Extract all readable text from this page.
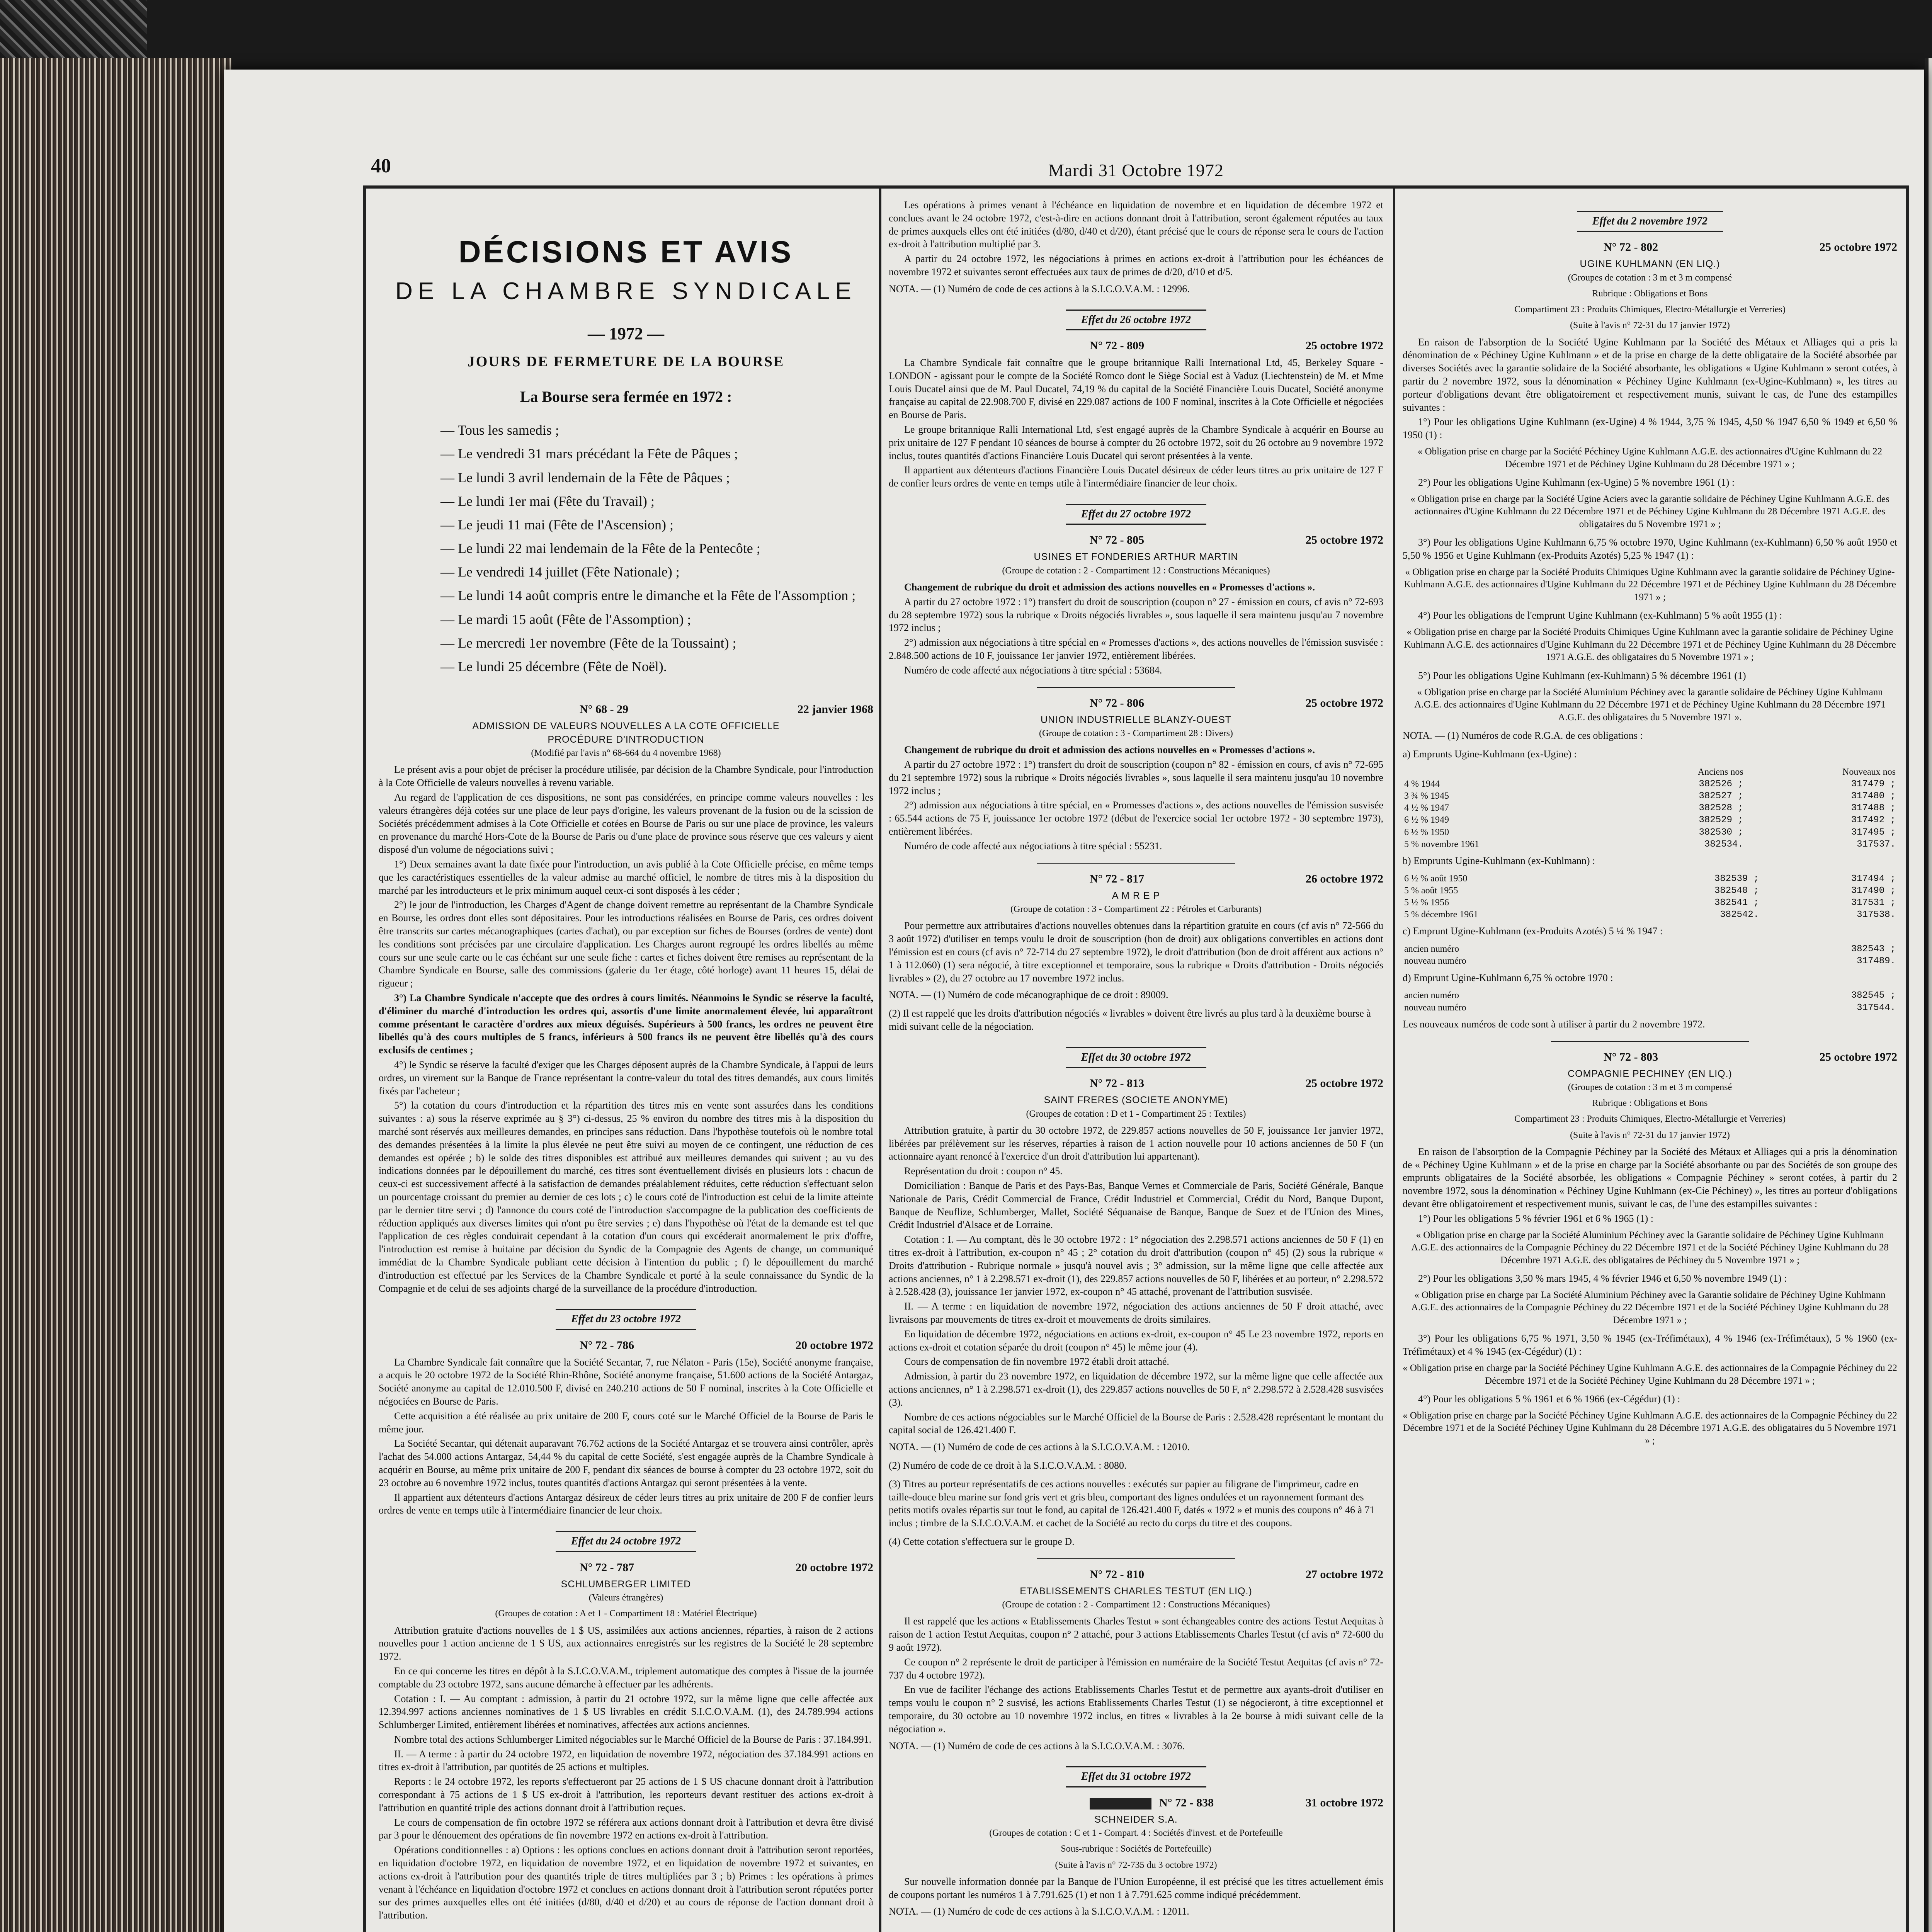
40	Mardi 31 Octobre 1972
DÉCISIONS ET AVIS
DE LA CHAMBRE SYNDICALE
— 1972 —
JOURS DE FERMETURE DE LA BOURSE
La Bourse sera fermée en 1972 :
— Tous les samedis ;
— Le vendredi 31 mars précédant la Fête de Pâques ;
— Le lundi 3 avril lendemain de la Fête de Pâques ;
— Le lundi 1er mai (Fête du Travail) ;
— Le jeudi 11 mai (Fête de l'Ascension) ;
— Le lundi 22 mai lendemain de la Fête de la Pentecôte ;
— Le vendredi 14 juillet (Fête Nationale) ;
— Le lundi 14 août compris entre le dimanche et la Fête de l'Assomption ;
— Le mardi 15 août (Fête de l'Assomption) ;
— Le mercredi 1er novembre (Fête de la Toussaint) ;
— Le lundi 25 décembre (Fête de Noël).
N° 68 - 29	22 janvier 1968
ADMISSION DE VALEURS NOUVELLES A LA COTE OFFICIELLE
PROCÉDURE D'INTRODUCTION
(Modifié par l'avis n° 68-664 du 4 novembre 1968)

Le présent avis a pour objet de préciser la procédure utilisée, par décision de la Chambre Syndicale, pour l'introduction à la Cote Officielle de valeurs nouvelles à revenu variable.

Au regard de l'application de ces dispositions, ne sont pas considérées, en principe comme valeurs nouvelles : les valeurs étrangères déjà cotées sur une place de leur pays d'origine, les valeurs provenant de la fusion ou de la scission de Sociétés précédemment admises à la Cote Officielle et cotées en Bourse de Paris ou sur une place de province, les valeurs en provenance du marché Hors-Cote de la Bourse de Paris ou d'une place de province sous réserve que ces valeurs y aient disposé d'un volume de négociations suivi ;

1°) Deux semaines avant la date fixée pour l'introduction, un avis publié à la Cote Officielle précise, en même temps que les caractéristiques essentielles de la valeur admise au marché officiel, le nombre de titres mis à la disposition du marché par les introducteurs et le prix minimum auquel ceux-ci sont disposés à les céder ;

2°) le jour de l'introduction, les Charges d'Agent de change doivent remettre au représentant de la Chambre Syndicale en Bourse, les ordres dont elles sont dépositaires. Pour les introductions réalisées en Bourse de Paris, ces ordres doivent être transcrits sur cartes mécanographiques (cartes d'achat), ou par exception sur fiches de Bourses (ordres de vente) dont les conditions sont précisées par une circulaire d'application. Les Charges auront regroupé les ordres libellés au même cours sur une seule carte ou le cas échéant sur une seule fiche : cartes et fiches doivent être remises au représentant de la Chambre Syndicale en Bourse, salle des commissions (galerie du 1er étage, côté horloge) avant 11 heures 15, délai de rigueur ;

3°) La Chambre Syndicale n'accepte que des ordres à cours limités. Néanmoins le Syndic se réserve la faculté, d'éliminer du marché d'introduction les ordres qui, assortis d'une limite anormalement élevée, lui apparaîtront comme présentant le caractère d'ordres aux mieux déguisés. Supérieurs à 500 francs, les ordres ne peuvent être libellés qu'à des cours multiples de 5 francs, inférieurs à 500 francs ils ne peuvent être libellés qu'à des cours exclusifs de centimes ;

4°) le Syndic se réserve la faculté d'exiger que les Charges déposent auprès de la Chambre Syndicale, à l'appui de leurs ordres, un virement sur la Banque de France représentant la contre-valeur du total des titres demandés, aux cours limités fixés par l'acheteur ;

5°) la cotation du cours d'introduction et la répartition des titres mis en vente sont assurées dans les conditions suivantes : a) sous la réserve exprimée au § 3°) ci-dessus, 25 % environ du nombre des titres mis à la disposition du marché sont réservés aux meilleures demandes, en principes sans réduction. Dans l'hypothèse toutefois où le nombre total des demandes présentées à la limite la plus élevée ne peut être suivi au moyen de ce contingent, une réduction de ces demandes est opérée ; b) le solde des titres disponibles est attribué aux meilleures demandes qui suivent ; au vu des indications données par le dépouillement du marché, ces titres sont éventuellement divisés en plusieurs lots : chacun de ceux-ci est successivement affecté à la satisfaction de demandes préalablement réduites, cette réduction s'effectuant selon un pourcentage croissant du premier au dernier de ces lots ; c) le cours coté de l'introduction est celui de la limite atteinte par le dernier titre servi ; d) l'annonce du cours coté de l'introduction s'accompagne de la publication des coefficients de réduction appliqués aux diverses limites qui n'ont pu être servies ; e) dans l'hypothèse où l'état de la demande est tel que l'application de ces règles conduirait cependant à la cotation d'un cours qui excéderait anormalement le prix d'offre, l'introduction est remise à huitaine par décision du Syndic de la Compagnie des Agents de change, un communiqué immédiat de la Chambre Syndicale publiant cette décision à l'intention du public ; f) le dépouillement du marché d'introduction est effectué par les Services de la Chambre Syndicale et porté à la seule connaissance du Syndic de la Compagnie et de celui de ses adjoints chargé de la surveillance de la procédure d'introduction.

Effet du 23 octobre 1972
N° 72 - 786	20 octobre 1972

La Chambre Syndicale fait connaître que la Société Secantar, 7, rue Nélaton - Paris (15e), Société anonyme française, a acquis le 20 octobre 1972 de la Société Rhin-Rhône, Société anonyme française, 51.600 actions de la Société Antargaz, Société anonyme au capital de 12.010.500 F, divisé en 240.210 actions de 50 F nominal, inscrites à la Cote Officielle et négociées en Bourse de Paris.

Cette acquisition a été réalisée au prix unitaire de 200 F, cours coté sur le Marché Officiel de la Bourse de Paris le même jour.

La Société Secantar, qui détenait auparavant 76.762 actions de la Société Antargaz et se trouvera ainsi contrôler, après l'achat des 54.000 actions Antargaz, 54,44 % du capital de cette Société, s'est engagée auprès de la Chambre Syndicale à acquérir en Bourse, au même prix unitaire de 200 F, pendant dix séances de bourse à compter du 23 octobre 1972, soit du 23 octobre au 6 novembre 1972 inclus, toutes quantités d'actions Antargaz qui seront présentées à la vente.

Il appartient aux détenteurs d'actions Antargaz désireux de céder leurs titres au prix unitaire de 200 F de confier leurs ordres de vente en temps utile à l'intermédiaire financier de leur choix.

Effet du 24 octobre 1972
N° 72 - 787	20 octobre 1972
SCHLUMBERGER LIMITED
(Valeurs étrangères)
(Groupes de cotation : A et 1 - Compartiment 18 : Matériel Électrique)

Attribution gratuite d'actions nouvelles de 1 $ US, assimilées aux actions anciennes, réparties, à raison de 2 actions nouvelles pour 1 action ancienne de 1 $ US, aux actionnaires enregistrés sur les registres de la Société le 28 septembre 1972.

En ce qui concerne les titres en dépôt à la S.I.C.O.V.A.M., triplement automatique des comptes à l'issue de la journée comptable du 23 octobre 1972, sans aucune démarche à effectuer par les adhérents.

Cotation : I. — Au comptant : admission, à partir du 21 octobre 1972, sur la même ligne que celle affectée aux 12.394.997 actions anciennes nominatives de 1 $ US livrables en crédit S.I.C.O.V.A.M. (1), des 24.789.994 actions Schlumberger Limited, entièrement libérées et nominatives, affectées aux actions anciennes.

Nombre total des actions Schlumberger Limited négociables sur le Marché Officiel de la Bourse de Paris : 37.184.991.

II. — A terme : à partir du 24 octobre 1972, en liquidation de novembre 1972, négociation des 37.184.991 actions en titres ex-droit à l'attribution, par quotités de 25 actions et multiples.

Reports : le 24 octobre 1972, les reports s'effectueront par 25 actions de 1 $ US chacune donnant droit à l'attribution correspondant à 75 actions de 1 $ US ex-droit à l'attribution, les reporteurs devant restituer des actions ex-droit à l'attribution en quantité triple des actions donnant droit à l'attribution reçues.

Le cours de compensation de fin octobre 1972 se référera aux actions donnant droit à l'attribution et devra être divisé par 3 pour le dénouement des opérations de fin novembre 1972 en actions ex-droit à l'attribution.

Opérations conditionnelles : a) Options : les options conclues en actions donnant droit à l'attribution seront reportées, en liquidation d'octobre 1972, en liquidation de novembre 1972, et en liquidation de novembre 1972 et suivantes, en actions ex-droit à l'attribution pour des quantités triple de titres multipliées par 3 ; b) Primes : les opérations à primes venant à l'échéance en liquidation d'octobre 1972 et conclues en actions donnant droit à l'attribution seront réputées porter sur des primes auxquelles elles ont été initiées (d/80, d/40 et d/20) et au cours de réponse de l'action donnant droit à l'attribution.

Les opérations à primes venant à l'échéance en liquidation de novembre et en liquidation de décembre 1972 et conclues avant le 24 octobre 1972, c'est-à-dire en actions donnant droit à l'attribution, seront également réputées au taux de primes auxquels elles ont été initiées (d/80, d/40 et d/20), étant précisé que le cours de réponse sera le cours de l'action ex-droit à l'attribution multiplié par 3.

A partir du 24 octobre 1972, les négociations à primes en actions ex-droit à l'attribution pour les échéances de novembre 1972 et suivantes seront effectuées aux taux de primes de d/20, d/10 et d/5.

NOTA. — (1) Numéro de code de ces actions à la S.I.C.O.V.A.M. : 12996.

Effet du 26 octobre 1972
N° 72 - 809	25 octobre 1972

La Chambre Syndicale fait connaître que le groupe britannique Ralli International Ltd, 45, Berkeley Square - LONDON - agissant pour le compte de la Société Romco dont le Siège Social est à Vaduz (Liechtenstein) de M. et Mme Louis Ducatel ainsi que de M. Paul Ducatel, 74,19 % du capital de la Société Financière Louis Ducatel, Société anonyme française au capital de 22.908.700 F, divisé en 229.087 actions de 100 F nominal, inscrites à la Cote Officielle et négociées en Bourse de Paris.

Le groupe britannique Ralli International Ltd, s'est engagé auprès de la Chambre Syndicale à acquérir en Bourse au prix unitaire de 127 F pendant 10 séances de bourse à compter du 26 octobre 1972, soit du 26 octobre au 9 novembre 1972 inclus, toutes quantités d'actions Financière Louis Ducatel qui seront présentées à la vente.

Il appartient aux détenteurs d'actions Financière Louis Ducatel désireux de céder leurs titres au prix unitaire de 127 F de confier leurs ordres de vente en temps utile à l'intermédiaire financier de leur choix.

Effet du 27 octobre 1972
N° 72 - 805	25 octobre 1972
USINES ET FONDERIES ARTHUR MARTIN
(Groupe de cotation : 2 - Compartiment 12 : Constructions Mécaniques)

Changement de rubrique du droit et admission des actions nouvelles en « Promesses d'actions ».

A partir du 27 octobre 1972 : 1°) transfert du droit de souscription (coupon n° 27 - émission en cours, cf avis n° 72-693 du 28 septembre 1972) sous la rubrique « Droits négociés livrables », sous laquelle il sera maintenu jusqu'au 7 novembre 1972 inclus ;

2°) admission aux négociations à titre spécial en « Promesses d'actions », des actions nouvelles de l'émission susvisée : 2.848.500 actions de 10 F, jouissance 1er janvier 1972, entièrement libérées.

Numéro de code affecté aux négociations à titre spécial : 53684.

N° 72 - 806	25 octobre 1972
UNION INDUSTRIELLE BLANZY-OUEST
(Groupe de cotation : 3 - Compartiment 28 : Divers)

Changement de rubrique du droit et admission des actions nouvelles en « Promesses d'actions ».

A partir du 27 octobre 1972 : 1°) transfert du droit de souscription (coupon n° 82 - émission en cours, cf avis n° 72-695 du 21 septembre 1972) sous la rubrique « Droits négociés livrables », sous laquelle il sera maintenu jusqu'au 10 novembre 1972 inclus ;

2°) admission aux négociations à titre spécial, en « Promesses d'actions », des actions nouvelles de l'émission susvisée : 65.544 actions de 75 F, jouissance 1er octobre 1972 (début de l'exercice social 1er octobre 1972 - 30 septembre 1973), entièrement libérées.

Numéro de code affecté aux négociations à titre spécial : 55231.

N° 72 - 817	26 octobre 1972
A M R E P
(Groupe de cotation : 3 - Compartiment 22 : Pétroles et Carburants)

Pour permettre aux attributaires d'actions nouvelles obtenues dans la répartition gratuite en cours (cf avis n° 72-566 du 3 août 1972) d'utiliser en temps voulu le droit de souscription (bon de droit) aux obligations convertibles en actions dont l'émission est en cours (cf avis n° 72-714 du 27 septembre 1972), le droit d'attribution (bon de droit afférent aux actions n° 1 à 112.060) (1) sera négocié, à titre exceptionnel et temporaire, sous la rubrique « Droits d'attribution - Droits négociés livrables » (2), du 27 octobre au 17 novembre 1972 inclus.

NOTA. — (1) Numéro de code mécanographique de ce droit : 89009.

(2) Il est rappelé que les droits d'attribution négociés « livrables » doivent être livrés au plus tard à la deuxième bourse à midi suivant celle de la négociation.

Effet du 30 octobre 1972
N° 72 - 813	25 octobre 1972
SAINT FRERES (SOCIETE ANONYME)
(Groupes de cotation : D et 1 - Compartiment 25 : Textiles)

Attribution gratuite, à partir du 30 octobre 1972, de 229.857 actions nouvelles de 50 F, jouissance 1er janvier 1972, libérées par prélèvement sur les réserves, réparties à raison de 1 action nouvelle pour 10 actions anciennes de 50 F (un actionnaire ayant renoncé à l'exercice d'un droit d'attribution lui appartenant).

Représentation du droit : coupon n° 45.

Domiciliation : Banque de Paris et des Pays-Bas, Banque Vernes et Commerciale de Paris, Société Générale, Banque Nationale de Paris, Crédit Commercial de France, Crédit Industriel et Commercial, Crédit du Nord, Banque Dupont, Banque de Neuflize, Schlumberger, Mallet, Société Séquanaise de Banque, Banque de Suez et de l'Union des Mines, Crédit Industriel d'Alsace et de Lorraine.

Cotation : I. — Au comptant, dès le 30 octobre 1972 : 1° négociation des 2.298.571 actions anciennes de 50 F (1) en titres ex-droit à l'attribution, ex-coupon n° 45 ; 2° cotation du droit d'attribution (coupon n° 45) (2) sous la rubrique « Droits d'attribution - Rubrique normale » jusqu'à nouvel avis ; 3° admission, sur la même ligne que celle affectée aux actions anciennes, n° 1 à 2.298.571 ex-droit (1), des 229.857 actions nouvelles de 50 F, libérées et au porteur, n° 2.298.572 à 2.528.428 (3), jouissance 1er janvier 1972, ex-coupon n° 45 attaché, provenant de l'attribution susvisée.

II. — A terme : en liquidation de novembre 1972, négociation des actions anciennes de 50 F droit attaché, avec livraisons par mouvements de titres ex-droit et mouvements de droits similaires.

En liquidation de décembre 1972, négociations en actions ex-droit, ex-coupon n° 45 Le 23 novembre 1972, reports en actions ex-droit et cotation séparée du droit (coupon n° 45) le même jour (4).

Cours de compensation de fin novembre 1972 établi droit attaché.

Admission, à partir du 23 novembre 1972, en liquidation de décembre 1972, sur la même ligne que celle affectée aux actions anciennes, n° 1 à 2.298.571 ex-droit (1), des 229.857 actions nouvelles de 50 F, n° 2.298.572 à 2.528.428 susvisées (3).

Nombre de ces actions négociables sur le Marché Officiel de la Bourse de Paris : 2.528.428 représentant le montant du capital social de 126.421.400 F.

NOTA. — (1) Numéro de code de ces actions à la S.I.C.O.V.A.M. : 12010.

(2) Numéro de code de ce droit à la S.I.C.O.V.A.M. : 8080.

(3) Titres au porteur représentatifs de ces actions nouvelles : exécutés sur papier au filigrane de l'imprimeur, cadre en taille-douce bleu marine sur fond gris vert et gris bleu, comportant des lignes ondulées et un rayonnement formant des petits motifs ovales répartis sur tout le fond, au capital de 126.421.400 F, datés « 1972 » et munis des coupons n° 46 à 71 inclus ; timbre de la S.I.C.O.V.A.M. et cachet de la Société au recto du corps du titre et des coupons.

(4) Cette cotation s'effectuera sur le groupe D.

N° 72 - 810	27 octobre 1972
ETABLISSEMENTS CHARLES TESTUT (EN LIQ.)
(Groupe de cotation : 2 - Compartiment 12 : Constructions Mécaniques)

Il est rappelé que les actions « Etablissements Charles Testut » sont échangeables contre des actions Testut Aequitas à raison de 1 action Testut Aequitas, coupon n° 2 attaché, pour 3 actions Etablissements Charles Testut (cf avis n° 72-600 du 9 août 1972).

Ce coupon n° 2 représente le droit de participer à l'émission en numéraire de la Société Testut Aequitas (cf avis n° 72-737 du 4 octobre 1972).

En vue de faciliter l'échange des actions Etablissements Charles Testut et de permettre aux ayants-droit d'utiliser en temps voulu le coupon n° 2 susvisé, les actions Etablissements Charles Testut (1) se négocieront, à titre exceptionnel et temporaire, du 30 octobre au 10 novembre 1972 inclus, en titres « livrables à la 2e bourse à midi suivant celle de la négociation ».

NOTA. — (1) Numéro de code de ces actions à la S.I.C.O.V.A.M. : 3076.

Effet du 31 octobre 1972
N° 72 - 838	31 octobre 1972
SCHNEIDER S.A.
(Groupes de cotation : C et 1 - Compart. 4 : Sociétés d'invest. et de Portefeuille
Sous-rubrique : Sociétés de Portefeuille)
(Suite à l'avis n° 72-735 du 3 octobre 1972)

Sur nouvelle information donnée par la Banque de l'Union Européenne, il est précisé que les titres actuellement émis de coupons portant les numéros 1 à 7.791.625 (1) et non 1 à 7.791.625 comme indiqué précédemment.

NOTA. — (1) Numéro de code de ces actions à la S.I.C.O.V.A.M. : 12011.

Effet du 2 novembre 1972
N° 72 - 802	25 octobre 1972
UGINE KUHLMANN (EN LIQ.)
(Groupes de cotation : 3 m et 3 m compensé
Rubrique : Obligations et Bons
Compartiment 23 : Produits Chimiques, Electro-Métallurgie et Verreries)
(Suite à l'avis n° 72-31 du 17 janvier 1972)

En raison de l'absorption de la Société Ugine Kuhlmann par la Société des Métaux et Alliages qui a pris la dénomination de « Péchiney Ugine Kuhlmann » et de la prise en charge de la dette obligataire de la Société absorbée par diverses Sociétés avec la garantie solidaire de la Société absorbante, les obligations « Ugine Kuhlmann » seront cotées, à partir du 2 novembre 1972, sous la dénomination « Péchiney Ugine Kuhlmann (ex-Ugine-Kuhlmann) », les titres au porteur d'obligations devant être obligatoirement et respectivement munis, suivant le cas, de l'une des estampilles suivantes :

1°) Pour les obligations Ugine Kuhlmann (ex-Ugine) 4 % 1944, 3,75 % 1945, 4,50 % 1947 6,50 % 1949 et 6,50 % 1950 (1) :

« Obligation prise en charge par la Société Péchiney Ugine Kuhlmann A.G.E. des actionnaires d'Ugine Kuhlmann du 22 Décembre 1971 et de Péchiney Ugine Kuhlmann du 28 Décembre 1971 » ;

2°) Pour les obligations Ugine Kuhlmann (ex-Ugine) 5 % novembre 1961 (1) :

« Obligation prise en charge par la Société Ugine Aciers avec la garantie solidaire de Péchiney Ugine Kuhlmann A.G.E. des actionnaires d'Ugine Kuhlmann du 22 Décembre 1971 et de Péchiney Ugine Kuhlmann du 28 Décembre 1971 A.G.E. des obligataires du 5 Novembre 1971 » ;

3°) Pour les obligations Ugine Kuhlmann 6,75 % octobre 1970, Ugine Kuhlmann (ex-Kuhlmann) 6,50 % août 1950 et 5,50 % 1956 et Ugine Kuhlmann (ex-Produits Azotés) 5,25 % 1947 (1) :

« Obligation prise en charge par la Société Produits Chimiques Ugine Kuhlmann avec la garantie solidaire de Péchiney Ugine-Kuhlmann A.G.E. des actionnaires d'Ugine Kuhlmann du 22 Décembre 1971 et de Péchiney Ugine Kuhlmann du 28 Décembre 1971 » ;

4°) Pour les obligations de l'emprunt Ugine Kuhlmann (ex-Kuhlmann) 5 % août 1955 (1) :

« Obligation prise en charge par la Société Produits Chimiques Ugine Kuhlmann avec la garantie solidaire de Péchiney Ugine Kuhlmann A.G.E. des actionnaires d'Ugine Kuhlmann du 22 Décembre 1971 et de Péchiney Ugine Kuhlmann du 28 Décembre 1971 A.G.E. des obligataires du 5 Novembre 1971 » ;

5°) Pour les obligations Ugine Kuhlmann (ex-Kuhlmann) 5 % décembre 1961 (1)

« Obligation prise en charge par la Société Aluminium Péchiney avec la garantie solidaire de Péchiney Ugine Kuhlmann A.G.E. des actionnaires d'Ugine Kuhlmann du 22 Décembre 1971 et de Péchiney Ugine Kuhlmann du 28 Décembre 1971 A.G.E. des obligataires du 5 Novembre 1971 ».

NOTA. — (1) Numéros de code R.G.A. de ces obligations :

a) Emprunts Ugine-Kuhlmann (ex-Ugine) :

	Anciens nos	Nouveaux nos
4 % 1944	382526 ;	317479 ;
3 ¾ % 1945	382527 ;	317480 ;
4 ½ % 1947	382528 ;	317488 ;
6 ½ % 1949	382529 ;	317492 ;
6 ½ % 1950	382530 ;	317495 ;
5 % novembre 1961	382534.	317537.

b) Emprunts Ugine-Kuhlmann (ex-Kuhlmann) :

6 ½ % août 1950	382539 ;	317494 ;
5 % août 1955	382540 ;	317490 ;
5 ½ % 1956	382541 ;	317531 ;
5 % décembre 1961	382542.	317538.

c) Emprunt Ugine-Kuhlmann (ex-Produits Azotés) 5 ¼ % 1947 :

ancien numéro	382543 ;
nouveau numéro	317489.

d) Emprunt Ugine-Kuhlmann 6,75 % octobre 1970 :

ancien numéro	382545 ;
nouveau numéro	317544.

Les nouveaux numéros de code sont à utiliser à partir du 2 novembre 1972.

N° 72 - 803	25 octobre 1972
COMPAGNIE PECHINEY (EN LIQ.)
(Groupes de cotation : 3 m et 3 m compensé
Rubrique : Obligations et Bons
Compartiment 23 : Produits Chimiques, Electro-Métallurgie et Verreries)
(Suite à l'avis n° 72-31 du 17 janvier 1972)

En raison de l'absorption de la Compagnie Péchiney par la Société des Métaux et Alliages qui a pris la dénomination de « Péchiney Ugine Kuhlmann » et de la prise en charge par la Société absorbante ou par des Sociétés de son groupe des emprunts obligataires de la Société absorbée, les obligations « Compagnie Péchiney » seront cotées, à partir du 2 novembre 1972, sous la dénomination « Péchiney Ugine Kuhlmann (ex-Cie Péchiney) », les titres au porteur d'obligations devant être obligatoirement et respectivement munis, suivant le cas, de l'une des estampilles suivantes :

1°) Pour les obligations 5 % février 1961 et 6 % 1965 (1) :

« Obligation prise en charge par la Société Aluminium Péchiney avec la Garantie solidaire de Péchiney Ugine Kuhlmann A.G.E. des actionnaires de la Compagnie Péchiney du 22 Décembre 1971 et de la Société Péchiney Ugine Kuhlmann du 28 Décembre 1971 A.G.E. des obligataires de Péchiney du 5 Novembre 1971 » ;

2°) Pour les obligations 3,50 % mars 1945, 4 % février 1946 et 6,50 % novembre 1949 (1) :

« Obligation prise en charge par La Société Aluminium Péchiney avec la Garantie solidaire de Péchiney Ugine Kuhlmann A.G.E. des actionnaires de la Compagnie Péchiney du 22 Décembre 1971 et de la Société Péchiney Ugine Kuhlmann du 28 Décembre 1971 » ;

3°) Pour les obligations 6,75 % 1971, 3,50 % 1945 (ex-Tréfimétaux), 4 % 1946 (ex-Tréfimétaux), 5 % 1960 (ex-Tréfimétaux) et 4 % 1945 (ex-Cégédur) (1) :

« Obligation prise en charge par la Société Péchiney Ugine Kuhlmann A.G.E. des actionnaires de la Compagnie Péchiney du 22 Décembre 1971 et de la Société Péchiney Ugine Kuhlmann du 28 Décembre 1971 » ;

4°) Pour les obligations 5 % 1961 et 6 % 1966 (ex-Cégédur) (1) :

« Obligation prise en charge par la Société Péchiney Ugine Kuhlmann A.G.E. des actionnaires de la Compagnie Péchiney du 22 Décembre 1971 et de la Société Péchiney Ugine Kuhlmann du 28 Décembre 1971 A.G.E. des obligataires du 5 Novembre 1971 » ;
